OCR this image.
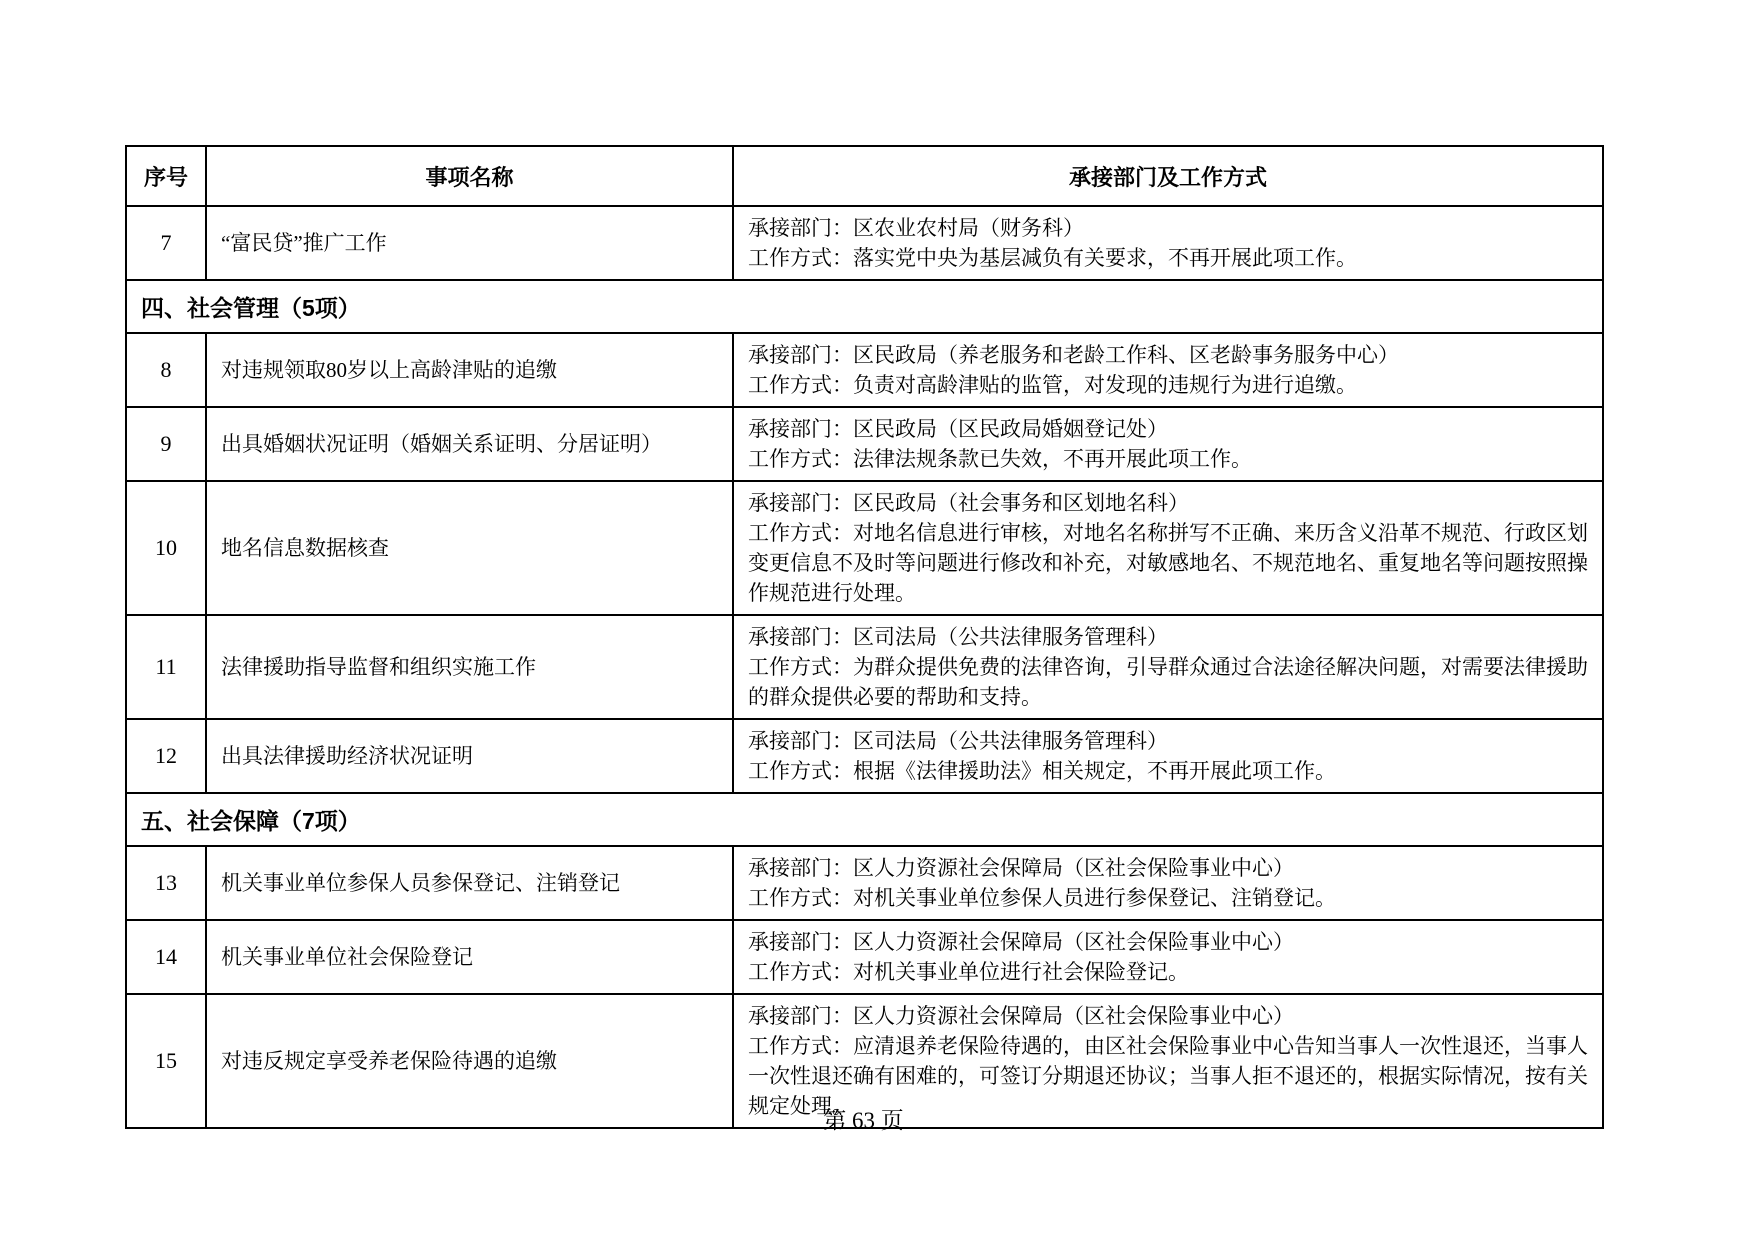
序号	事项名称	承接部门及工作方式
7	“富民贷”推广工作	承接部门：区农业农村局（财务科）
工作方式：落实党中央为基层减负有关要求，不再开展此项工作。

四、社会管理（5项）		
8	对违规领取80岁以上高龄津贴的追缴	承接部门：区民政局（养老服务和老龄工作科、区老龄事务服务中心）
工作方式：负责对高龄津贴的监管，对发现的违规行为进行追缴。

9	出具婚姻状况证明（婚姻关系证明、分居证明）	承接部门：区民政局（区民政局婚姻登记处）
工作方式：法律法规条款已失效，不再开展此项工作。

10	地名信息数据核查	承接部门：区民政局（社会事务和区划地名科）
工作方式：对地名信息进行审核，对地名名称拼写不正确、来历含义沿革不规范、行政区划变更信息不及时等问题进行修改和补充，对敏感地名、不规范地名、重复地名等问题按照操作规范进行处理。

11	法律援助指导监督和组织实施工作	承接部门：区司法局（公共法律服务管理科）
工作方式：为群众提供免费的法律咨询，引导群众通过合法途径解决问题，对需要法律援助的群众提供必要的帮助和支持。

12	出具法律援助经济状况证明	承接部门：区司法局（公共法律服务管理科）
工作方式：根据《法律援助法》相关规定，不再开展此项工作。

五、社会保障（7项）		
13	机关事业单位参保人员参保登记、注销登记	承接部门：区人力资源社会保障局（区社会保险事业中心）
工作方式：对机关事业单位参保人员进行参保登记、注销登记。

14	机关事业单位社会保险登记	承接部门：区人力资源社会保障局（区社会保险事业中心）
工作方式：对机关事业单位进行社会保险登记。

15	对违反规定享受养老保险待遇的追缴	承接部门：区人力资源社会保障局（区社会保险事业中心）
工作方式：应清退养老保险待遇的，由区社会保险事业中心告知当事人一次性退还，当事人一次性退还确有困难的，可签订分期退还协议；当事人拒不退还的，根据实际情况，按有关规定处理。
第 63 页
